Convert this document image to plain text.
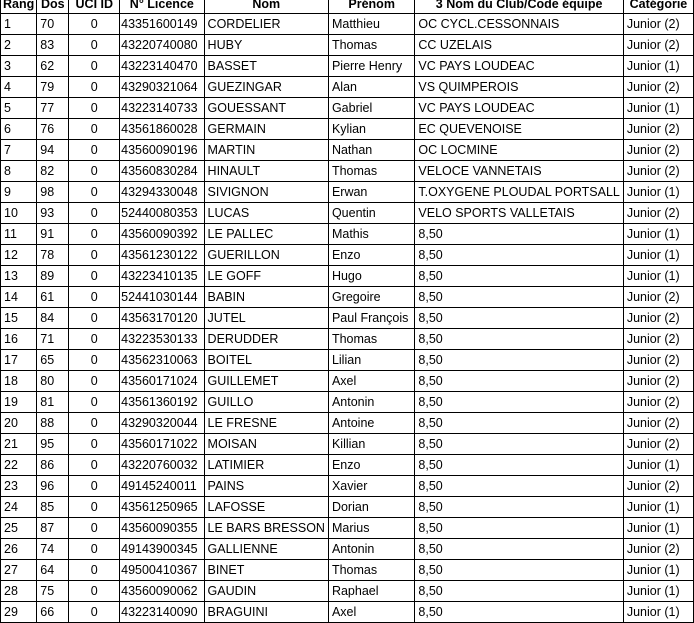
Rang	Dos	UCI ID	N° Licence	Nom	Prénom	3 Nom du Club/Code équipe	Catégorie
1	70	0	43351600149	CORDELIER	Matthieu	OC CYCL.CESSONNAIS	Junior (2)
2	83	0	43220740080	HUBY	Thomas	CC UZELAIS	Junior (2)
3	62	0	43223140470	BASSET	Pierre Henry	VC PAYS LOUDEAC	Junior (1)
4	79	0	43290321064	GUEZINGAR	Alan	VS QUIMPEROIS	Junior (2)
5	77	0	43223140733	GOUESSANT	Gabriel	VC PAYS LOUDEAC	Junior (1)
6	76	0	43561860028	GERMAIN	Kylian	EC QUEVENOISE	Junior (2)
7	94	0	43560090196	MARTIN	Nathan	OC LOCMINE	Junior (2)
8	82	0	43560830284	HINAULT	Thomas	VELOCE VANNETAIS	Junior (2)
9	98	0	43294330048	SIVIGNON	Erwan	T.OXYGENE PLOUDAL PORTSALL	Junior (1)
10	93	0	52440080353	LUCAS	Quentin	VELO SPORTS VALLETAIS	Junior (2)
11	91	0	43560090392	LE PALLEC	Mathis	8,50	Junior (1)
12	78	0	43561230122	GUERILLON	Enzo	8,50	Junior (1)
13	89	0	43223410135	LE GOFF	Hugo	8,50	Junior (1)
14	61	0	52441030144	BABIN	Gregoire	8,50	Junior (2)
15	84	0	43563170120	JUTEL	Paul François	8,50	Junior (2)
16	71	0	43223530133	DERUDDER	Thomas	8,50	Junior (2)
17	65	0	43562310063	BOITEL	Lilian	8,50	Junior (2)
18	80	0	43560171024	GUILLEMET	Axel	8,50	Junior (2)
19	81	0	43561360192	GUILLO	Antonin	8,50	Junior (2)
20	88	0	43290320044	LE FRESNE	Antoine	8,50	Junior (2)
21	95	0	43560171022	MOISAN	Killian	8,50	Junior (2)
22	86	0	43220760032	LATIMIER	Enzo	8,50	Junior (1)
23	96	0	49145240011	PAINS	Xavier	8,50	Junior (2)
24	85	0	43561250965	LAFOSSE	Dorian	8,50	Junior (1)
25	87	0	43560090355	LE BARS BRESSON	Marius	8,50	Junior (1)
26	74	0	49143900345	GALLIENNE	Antonin	8,50	Junior (2)
27	64	0	49500410367	BINET	Thomas	8,50	Junior (1)
28	75	0	43560090062	GAUDIN	Raphael	8,50	Junior (1)
29	66	0	43223140090	BRAGUINI	Axel	8,50	Junior (1)
